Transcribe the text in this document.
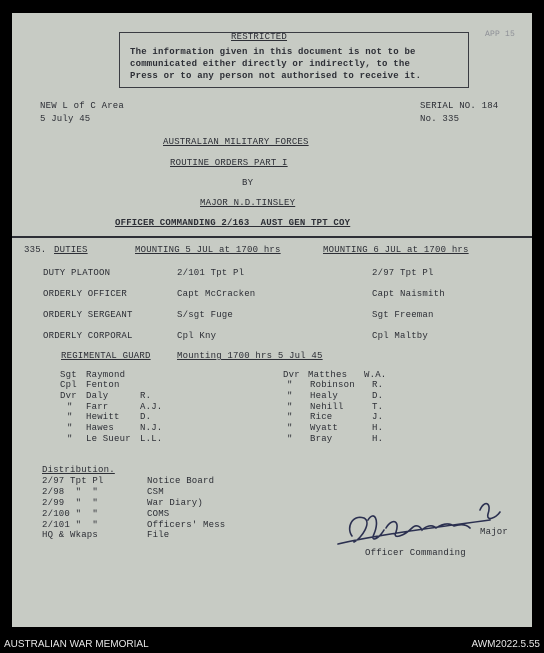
RESTRICTED
The information given in this document is not to be
communicated either directly or indirectly, to the
Press or to any person not authorised to receive it.
APP 15
NEW L of C Area
5 July 45
SERIAL NO. 184
No. 335
AUSTRALIAN MILITARY FORCES
ROUTINE ORDERS PART I
BY
MAJOR N.D.TINSLEY
OFFICER COMMANDING 2/163  AUST GEN TPT COY
335. DUTIES	MOUNTING 5 JUL at 1700 hrs	MOUNTING 6 JUL at 1700 hrs
DUTY PLATOON	2/101 Tpt Pl	2/97 Tpt Pl
ORDERLY OFFICER	Capt McCracken	Capt Naismith
ORDERLY SERGEANT	S/sgt Fuge	Sgt Freeman
ORDERLY CORPORAL	Cpl Kny	Cpl Maltby
REGIMENTAL GUARD	Mounting 1700 hrs 5 Jul 45
Sgt Raymond
Cpl Fenton
Dvr Daly	R.
" Farr	A.J.
" Hewitt D.
" Hawes	N.J.
" Le Sueur L.L.
Dvr Matthes W.A.
" Robinson R.
" Healy	D.
" Nehill	T.
" Rice	J.
" Wyatt	H.
" Bray	H.
Distribution.
2/97 Tpt Pl	Notice Board
2/98  "  "	CSM
2/99  "  "	War Diary)
2/100 "  "	COMS
2/101 "  "	Officers' Mess
HQ & Wkaps	File	Major
Officer Commanding
AUSTRALIAN WAR MEMORIAL	AWM2022.5.55
